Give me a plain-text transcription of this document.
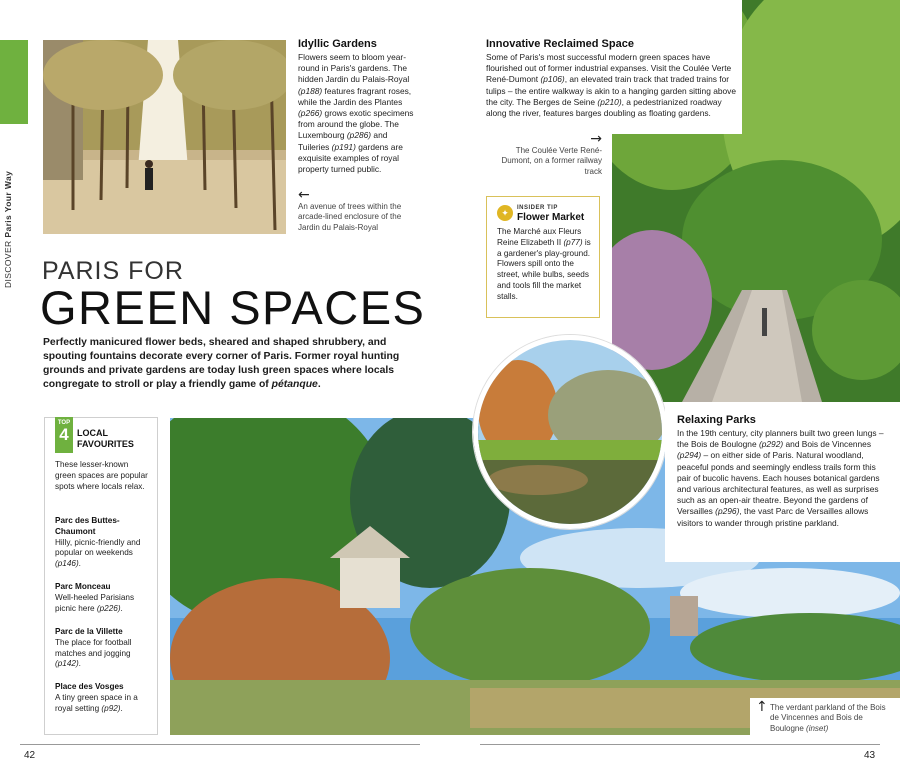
DISCOVER Paris Your Way
Idyllic Gardens
Flowers seem to bloom year-round in Paris's gardens. The hidden Jardin du Palais-Royal (p188) features fragrant roses, while the Jardin des Plantes (p266) grows exotic specimens from around the globe. The Luxembourg (p286) and Tuileries (p191) gardens are exquisite examples of royal property turned public.
←
An avenue of trees within the arcade-lined enclosure of the Jardin du Palais-Royal
PARIS FOR
GREEN SPACES
Perfectly manicured flower beds, sheared and shaped shrubbery, and spouting fountains decorate every corner of Paris. Former royal hunting grounds and private gardens are today lush green spaces where locals congregate to stroll or play a friendly game of pétanque.
Innovative Reclaimed Space
Some of Paris's most successful modern green spaces have flourished out of former industrial expanses. Visit the Coulée Verte René-Dumont (p106), an elevated train track that traded trains for tulips – the entire walkway is akin to a hanging garden sitting above the city. The Berges de Seine (p210), a pedestrianized roadway along the river, features barges doubling as floating gardens.
→
The Coulée Verte René-Dumont, on a former railway track
✦	INSIDER TIP
Flower Market
The Marché aux Fleurs Reine Elizabeth II (p77) is a gardener's play-ground. Flowers spill onto the street, while bulbs, seeds and tools fill the market stalls.
Relaxing Parks
In the 19th century, city planners built two green lungs – the Bois de Boulogne (p292) and Bois de Vincennes (p294) – on either side of Paris. Natural woodland, peaceful ponds and seemingly endless trails form this pair of bucolic havens. Each houses botanical gardens and various architectural features, as well as surprises such as an open-air theatre. Beyond the gardens of Versailles (p296), the vast Parc de Versailles allows visitors to wander through pristine parkland.
↑ The verdant parkland of the Bois de Vincennes and Bois de Boulogne (inset)
TOP
4 LOCAL
FAVOURITES
These lesser-known green spaces are popular spots where locals relax.
Parc des Buttes-Chaumont
Hilly, picnic-friendly and popular on weekends (p146).
Parc Monceau
Well-heeled Parisians picnic here (p226).
Parc de la Villette
The place for football matches and jogging (p142).
Place des Vosges
A tiny green space in a royal setting (p92).
42	43
